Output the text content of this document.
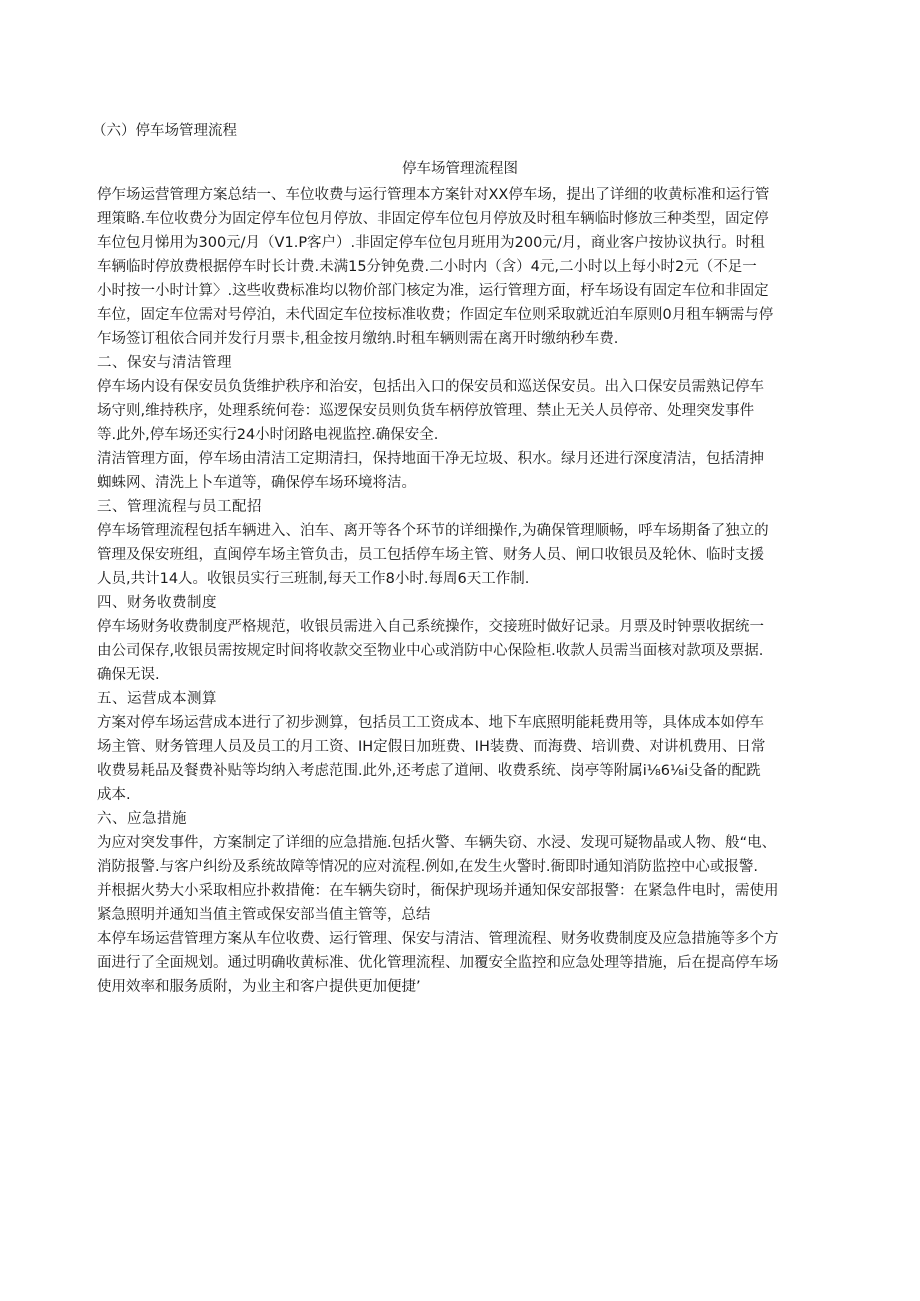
（六）停车场管理流程
停车场管理流程图
停乍场运营管理方案总结一、车位收费与运行管理本方案针对XX停车场，提出了详细的收黄标准和运行管
理策略.车位收费分为固定停车位包月停放、非固定停车位包月停放及时租车辆临时修放三种类型，固定停
车位包月悌用为300元/月（V1.P客户）.非固定停车位包月班用为200元/月，商业客户按协议执行。时租
车辆临时停放费根据停车时长计费.未满15分钟免费.二小时内（含）4元,二小时以上每小时2元（不足一
小时按一小时计算〉.这些收费标准均以物价部门核定为准，运行管理方面，杼车场设有固定车位和非固定
车位，固定车位需对号停泊，未代固定车位按标准收费；作固定车位则采取就近泊车原则0月租车辆需与停
乍场签订租依合同并发行月票卡,租金按月缴纳.时租车辆则需在离开时缴纳秒车费.
二、保安与清洁管理
停车场内设有保安员负货维护秩序和治安，包括出入口的保安员和巡送保安员。出入口保安员需熟记停车
场守则,维持秩序，处理系统何卷：巡逻保安员则负货车柄停放管理、禁止无关人员停帝、处理突发事件
等.此外,停车场还实行24小时闭路电视监控.确保安全.
清洁管理方面，停车场由清洁工定期清扫，保持地面干净无垃圾、积水。绿月还进行深度清洁，包括清抻
蜘蛛网、清洗上卜车道等，确保停车场环境将洁。
三、管理流程与员工配招
停车场管理流程包括车辆进入、泊车、离开等各个环节的详细操作,为确保管理顺畅，呼车场期备了独立的
管理及保安班组，直闽停车场主管负击，员工包括停车场主管、财务人员、闸口收银员及轮休、临时支援
人员,共计14人。收银员实行三班制,每天工作8小时.每周6天工作制.
四、财务收费制度
停车场财务收费制度严格规范，收银员需进入自己系统操作，交接班时做好记录。月票及时钟票收据统一
由公司保存,收银员需按规定时间将收款交至物业中心或消防中心保险柜.收款人员需当面核对款项及票据.
确保无误.
五、运营成本测算
方案对停车场运营成本进行了初步测算，包括员工工资成本、地下车底照明能耗费用等，具体成本如停车
场主管、财务管理人员及员工的月工资、IH定假日加班费、IH装费、而海费、培训费、对讲机费用、日常
收费易耗品及餐费补贴等均纳入考虑范围.此外,还考虑了道闸、收费系统、岗亭等附属i⅛6⅛i殳备的配跣
成本.
六、应急措施
为应对突发事件，方案制定了详细的应急措施.包括火警、车辆失窃、水浸、发现可疑物晶或人物、般“电、
消防报警.与客户纠纷及系统故障等情况的应对流程.例如,在发生火警时.衙即时通知消防监控中心或报警.
并根据火势大小采取相应扑救措俺：在车辆失窃时，衙保护现场并通知保安部报警：在紧急件电时，需使用
紧急照明并通知当值主管或保安部当值主管等，总结
本停车场运营管理方案从车位收费、运行管理、保安与清洁、管理流程、财务收费制度及应急措施等多个方
面进行了全面规划。通过明确收黄标准、优化管理流程、加覆安全监控和应急处理等措施，后在提高停车场
使用效率和服务质附，为业主和客户提供更加便捷’
